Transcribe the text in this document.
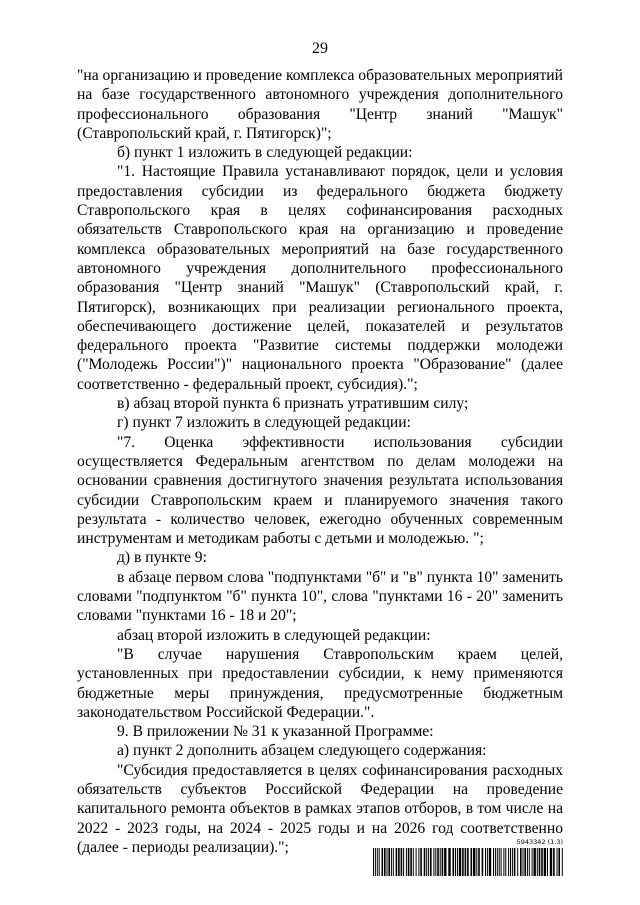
29

"на организацию и проведение комплекса образовательных мероприятий на базе государственного автономного учреждения дополнительного профессионального образования "Центр знаний "Машук" (Ставропольский край, г. Пятигорск)";

б) пункт 1 изложить в следующей редакции:

"1. Настоящие Правила устанавливают порядок, цели и условия предоставления субсидии из федерального бюджета бюджету Ставропольского края в целях софинансирования расходных обязательств Ставропольского края на организацию и проведение комплекса образовательных мероприятий на базе государственного автономного учреждения дополнительного профессионального образования "Центр знаний "Машук" (Ставропольский край, г. Пятигорск), возникающих при реализации регионального проекта, обеспечивающего достижение целей, показателей и результатов федерального проекта "Развитие системы поддержки молодежи ("Молодежь России")" национального проекта "Образование" (далее соответственно - федеральный проект, субсидия).";

в) абзац второй пункта 6 признать утратившим силу;

г) пункт 7 изложить в следующей редакции:

"7. Оценка эффективности использования субсидии осуществляется Федеральным агентством по делам молодежи на основании сравнения достигнутого значения результата использования субсидии Ставропольским краем и планируемого значения такого результата - количество человек, ежегодно обученных современным инструментам и методикам работы с детьми и молодежью. ";

д) в пункте 9:

в абзаце первом слова "подпунктами "б" и "в" пункта 10" заменить словами "подпунктом "б" пункта 10", слова "пунктами 16 - 20" заменить словами "пунктами 16 - 18 и 20";

абзац второй изложить в следующей редакции:

"В случае нарушения Ставропольским краем целей, установленных при предоставлении субсидии, к нему применяются бюджетные меры принуждения, предусмотренные бюджетным законодательством Российской Федерации.".

9. В приложении № 31 к указанной Программе:

а) пункт 2 дополнить абзацем следующего содержания:

"Субсидия предоставляется в целях софинансирования расходных обязательств субъектов Российской Федерации на проведение капитального ремонта объектов в рамках этапов отборов, в том числе на 2022 - 2023 годы, на 2024 - 2025 годы и на 2026 год соответственно (далее - периоды реализации).";	5943342 (1.3)
